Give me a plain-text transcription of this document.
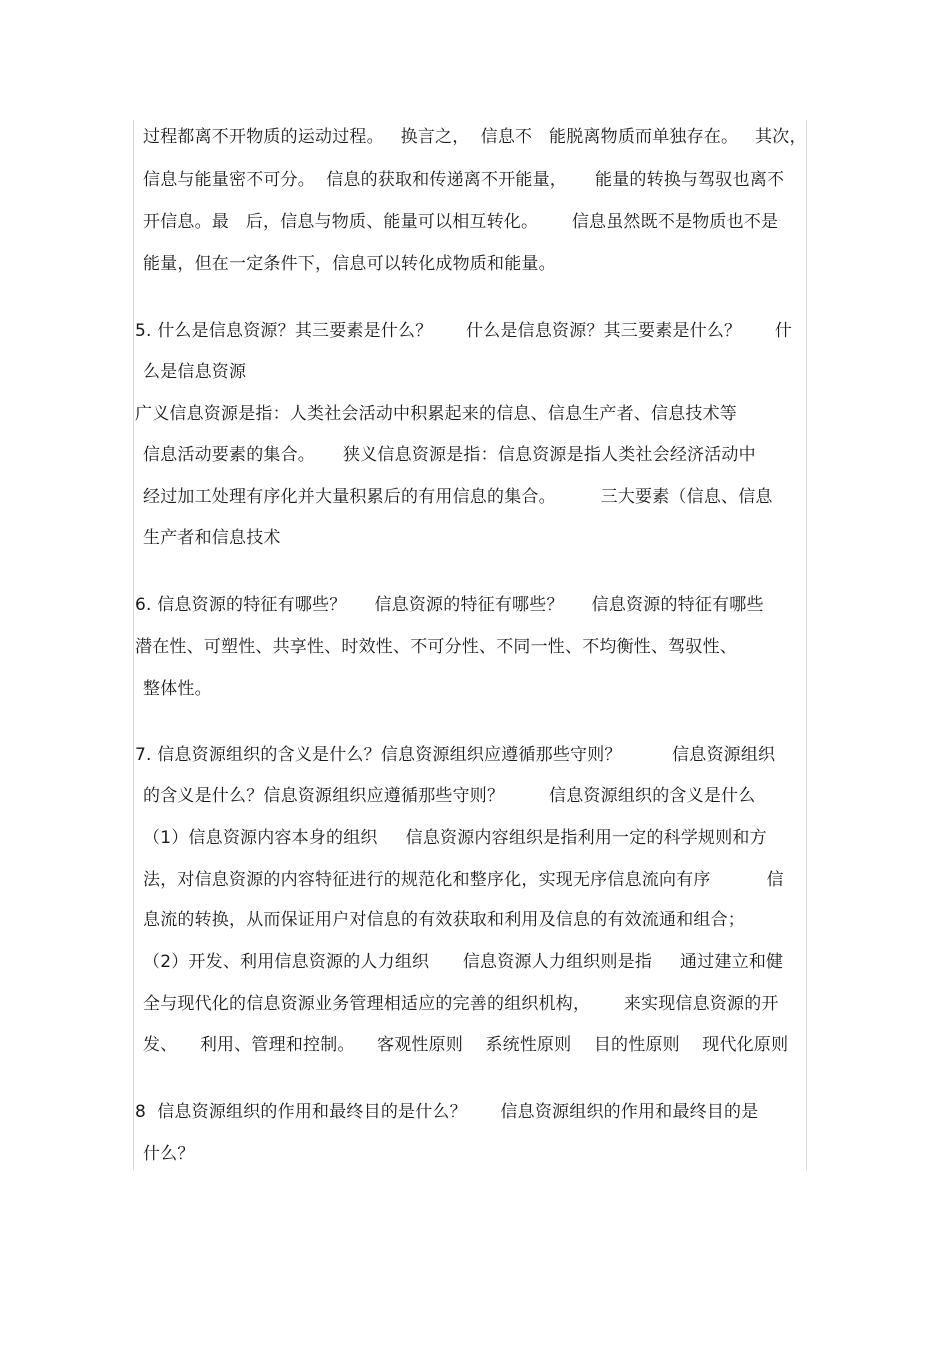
过程都离不开物质的运动过程。   换言之，  信息不   能脱离物质而单独存在。   其次，
信息与能量密不可分。  信息的获取和传递离不开能量，     能量的转换与驾驭也离不
开信息。最   后，信息与物质、能量可以相互转化。      信息虽然既不是物质也不是
能量，但在一定条件下，信息可以转化成物质和能量。
5. 什么是信息资源？其三要素是什么？      什么是信息资源？其三要素是什么？      什
么是信息资源
广义信息资源是指：人类社会活动中积累起来的信息、信息生产者、信息技术等
信息活动要素的集合。     狭义信息资源是指：信息资源是指人类社会经济活动中
经过加工处理有序化并大量积累后的有用信息的集合。        三大要素（信息、信息
生产者和信息技术
6. 信息资源的特征有哪些？     信息资源的特征有哪些？     信息资源的特征有哪些
潜在性、可塑性、共享性、时效性、不可分性、不同一性、不均衡性、驾驭性、
整体性。
7. 信息资源组织的含义是什么？信息资源组织应遵循那些守则？         信息资源组织
的含义是什么？信息资源组织应遵循那些守则？        信息资源组织的含义是什么
（1）信息资源内容本身的组织     信息资源内容组织是指利用一定的科学规则和方
法，对信息资源的内容特征进行的规范化和整序化，实现无序信息流向有序          信
息流的转换，从而保证用户对信息的有效获取和利用及信息的有效流通和组合；
（2）开发、利用信息资源的人力组织      信息资源人力组织则是指     通过建立和健
全与现代化的信息资源业务管理相适应的完善的组织机构，      来实现信息资源的开
发、    利用、管理和控制。    客观性原则    系统性原则    目的性原则    现代化原则
8  信息资源组织的作用和最终目的是什么？      信息资源组织的作用和最终目的是
什么？
